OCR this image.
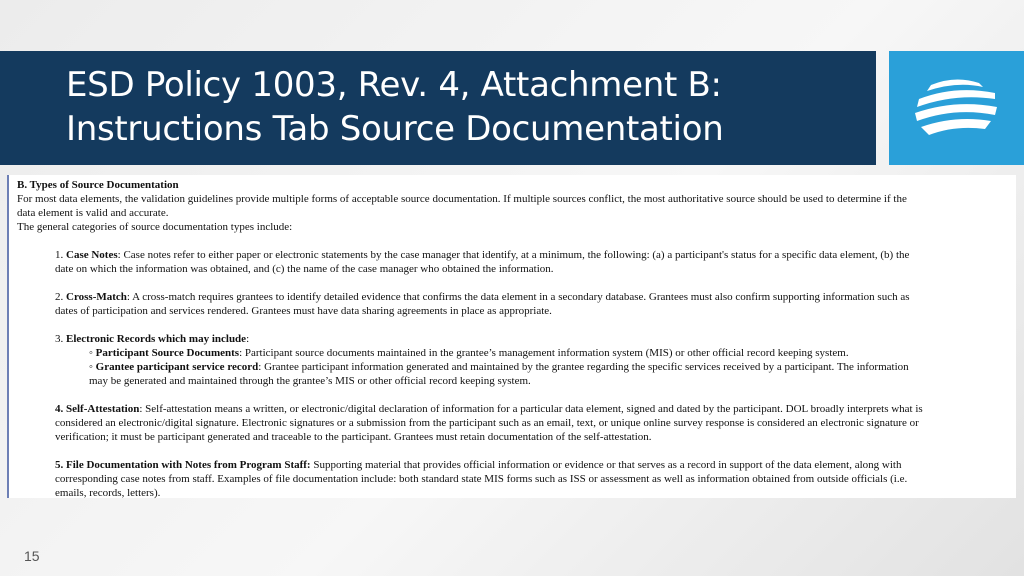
ESD Policy 1003, Rev. 4, Attachment B:
Instructions Tab Source Documentation

B. Types of Source Documentation

For most data elements, the validation guidelines provide multiple forms of acceptable source documentation. If multiple sources conflict, the most authoritative source should be used to determine if the

data element is valid and accurate.

The general categories of source documentation types include:

1. Case Notes: Case notes refer to either paper or electronic statements by the case manager that identify, at a minimum, the following: (a) a participant's status for a specific data element, (b) the

date on which the information was obtained, and (c) the name of the case manager who obtained the information.

2. Cross-Match: A cross-match requires grantees to identify detailed evidence that confirms the data element in a secondary database. Grantees must also confirm supporting information such as

dates of participation and services rendered. Grantees must have data sharing agreements in place as appropriate.

3. Electronic Records which may include:

◦ Participant Source Documents: Participant source documents maintained in the grantee’s management information system (MIS) or other official record keeping system.

◦ Grantee participant service record: Grantee participant information generated and maintained by the grantee regarding the specific services received by a participant. The information

may be generated and maintained through the grantee’s MIS or other official record keeping system.

4. Self-Attestation: Self-attestation means a written, or electronic/digital declaration of information for a particular data element, signed and dated by the participant. DOL broadly interprets what is

considered an electronic/digital signature. Electronic signatures or a submission from the participant such as an email, text, or unique online survey response is considered an electronic signature or

verification; it must be participant generated and traceable to the participant. Grantees must retain documentation of the self-attestation.

5. File Documentation with Notes from Program Staff: Supporting material that provides official information or evidence or that serves as a record in support of the data element, along with

corresponding case notes from staff. Examples of file documentation include: both standard state MIS forms such as ISS or assessment as well as information obtained from outside officials (i.e.

emails, records, letters).

15
